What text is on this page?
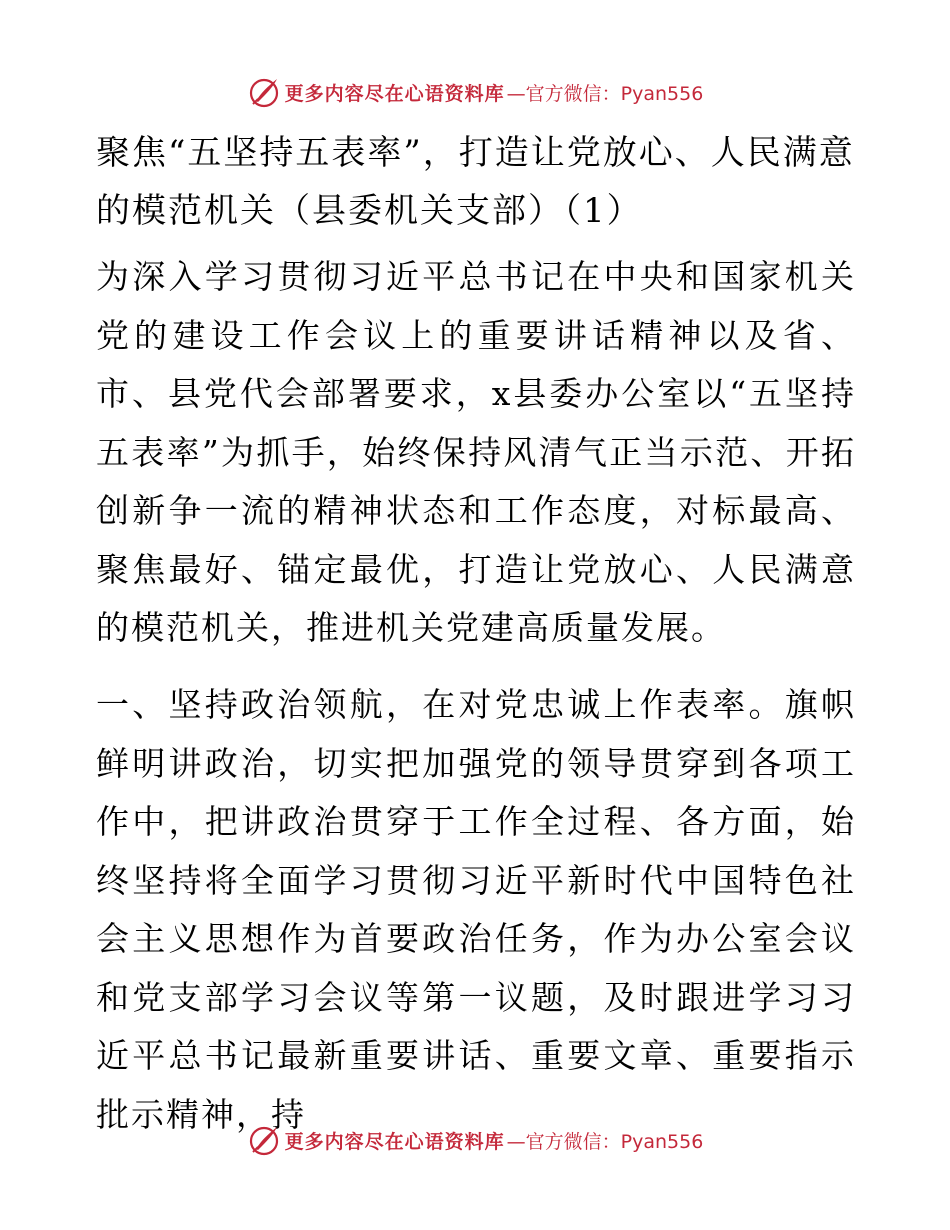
更多内容尽在心语资料库 —官方微信：Pyan556
聚焦“五坚持五表率”，打造让党放心、人民满意的模范机关（县委机关支部）（1）

为深入学习贯彻习近平总书记在中央和国家机关党的建设工作会议上的重要讲话精神以及省、市、县党代会部署要求，x县委办公室以“五坚持五表率”为抓手，始终保持风清气正当示范、开拓创新争一流的精神状态和工作态度，对标最高、聚焦最好、锚定最优，打造让党放心、人民满意的模范机关，推进机关党建高质量发展。

一、坚持政治领航，在对党忠诚上作表率。旗帜鲜明讲政治，切实把加强党的领导贯穿到各项工作中，把讲政治贯穿于工作全过程、各方面，始终坚持将全面学习贯彻习近平新时代中国特色社会主义思想作为首要政治任务，作为办公室会议和党支部学习会议等第一议题，及时跟进学习习近平总书记最新重要讲话、重要文章、重要指示批示精神，持

更多内容尽在心语资料库 —官方微信：Pyan556
